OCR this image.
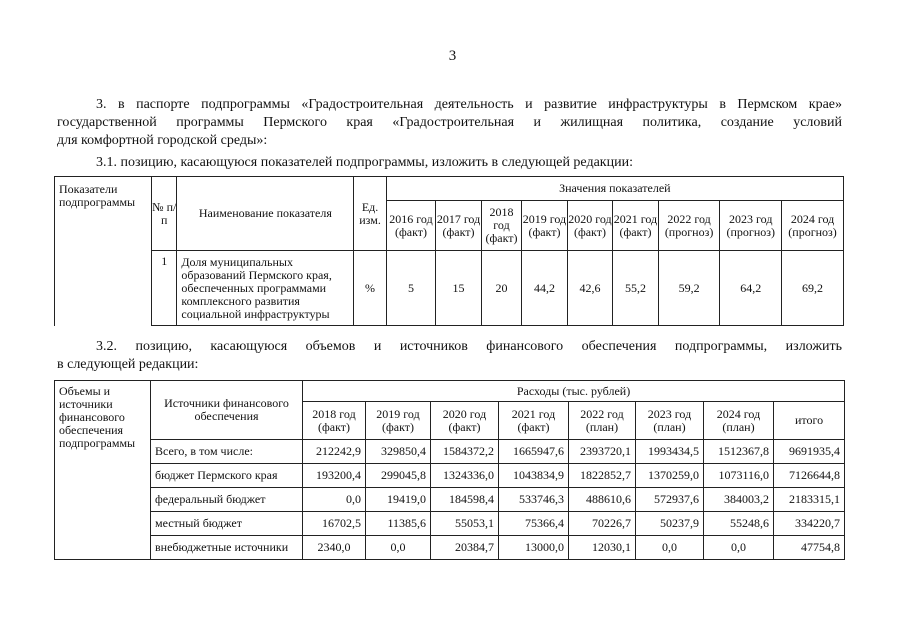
3
3. в паспорте подпрограммы «Градостроительная деятельность и развитие инфраструктуры в Пермском крае»
государственной программы Пермского края «Градостроительная и жилищная политика, создание условий
для комфортной городской среды»:
3.1. позицию, касающуюся показателей подпрограммы, изложить в следующей редакции:
Показатели подпрограммы	№ п/п	Наименование показателя	Ед. изм.	Значения показателей								
				2016 год (факт)	2017 год (факт)	2018 год (факт)	2019 год (факт)	2020 год (факт)	2021 год (факт)	2022 год (прогноз)	2023 год (прогноз)	2024 год (прогноз)
	1	Доля муниципальных образований Пермского края, обеспеченных программами комплексного развития социальной инфраструктуры	%	5	15	20	44,2	42,6	55,2	59,2	64,2	69,2
3.2. позицию, касающуюся объемов и источников финансового обеспечения подпрограммы, изложить
в следующей редакции:
Объемы и источники финансового обеспечения подпрограммы	Источники финансового обеспечения	Расходы (тыс. рублей)							
		2018 год (факт)	2019 год (факт)	2020 год (факт)	2021 год (факт)	2022 год (план)	2023 год (план)	2024 год (план)	итого
	Всего, в том числе:	212242,9	329850,4	1584372,2	1665947,6	2393720,1	1993434,5	1512367,8	9691935,4
	бюджет Пермского края	193200,4	299045,8	1324336,0	1043834,9	1822852,7	1370259,0	1073116,0	7126644,8
	федеральный бюджет	0,0	19419,0	184598,4	533746,3	488610,6	572937,6	384003,2	2183315,1
	местный бюджет	16702,5	11385,6	55053,1	75366,4	70226,7	50237,9	55248,6	334220,7
	внебюджетные источники	2340,0	0,0	20384,7	13000,0	12030,1	0,0	0,0	47754,8
